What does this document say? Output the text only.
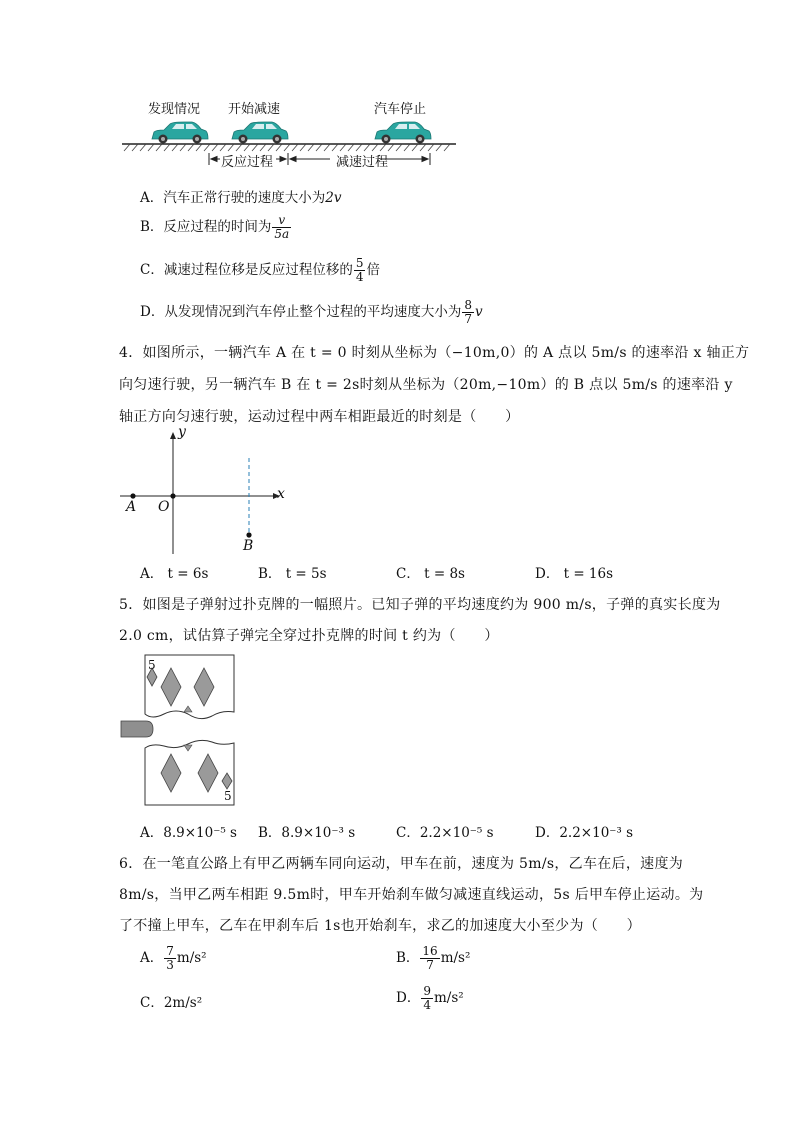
发现情况 开始减速	汽车停止
反应过程	减速过程
A．汽车正常行驶的速度大小为2v
B．反应过程的时间为 $\frac{v}{5a}$
C．减速过程位移是反应过程位移的 $\frac{5}{4}$ 倍
D．从发现情况到汽车停止整个过程的平均速度大小为 $\frac{8}{7}$ v
4．如图所示，一辆汽车 A 在 t = 0 时刻从坐标为（−10m,0）的 A 点以 5m/s 的速率沿 x 轴正方
向匀速行驶，另一辆汽车 B 在 t = 2s时刻从坐标为（20m,−10m）的 B 点以 5m/s 的速率沿 y
轴正方向匀速行驶，运动过程中两车相距最近的时刻是（　　）
y
x
A O
B
A． t = 6s	B． t = 5s	C． t = 8s	D． t = 16s
5．如图是子弹射过扑克牌的一幅照片。已知子弹的平均速度约为 900 m/s，子弹的真实长度为
2.0 cm，试估算子弹完全穿过扑克牌的时间 t 约为（　　）
5
5
A．8.9×10⁻⁵ s B．8.9×10⁻³ s	C．2.2×10⁻⁵ s	D．2.2×10⁻³ s
6．在一笔直公路上有甲乙两辆车同向运动，甲车在前，速度为 5m/s，乙车在后，速度为
8m/s，当甲乙两车相距 9.5m时，甲车开始刹车做匀减速直线运动，5s 后甲车停止运动。为
了不撞上甲车，乙车在甲刹车后 1s也开始刹车，求乙的加速度大小至少为（　　）
A． $\frac{7}{3} m/s^2$	B． $\frac{16}{7} m/s^2$
C．2m/s²	D． $\frac{9}{4} m/s^2$
